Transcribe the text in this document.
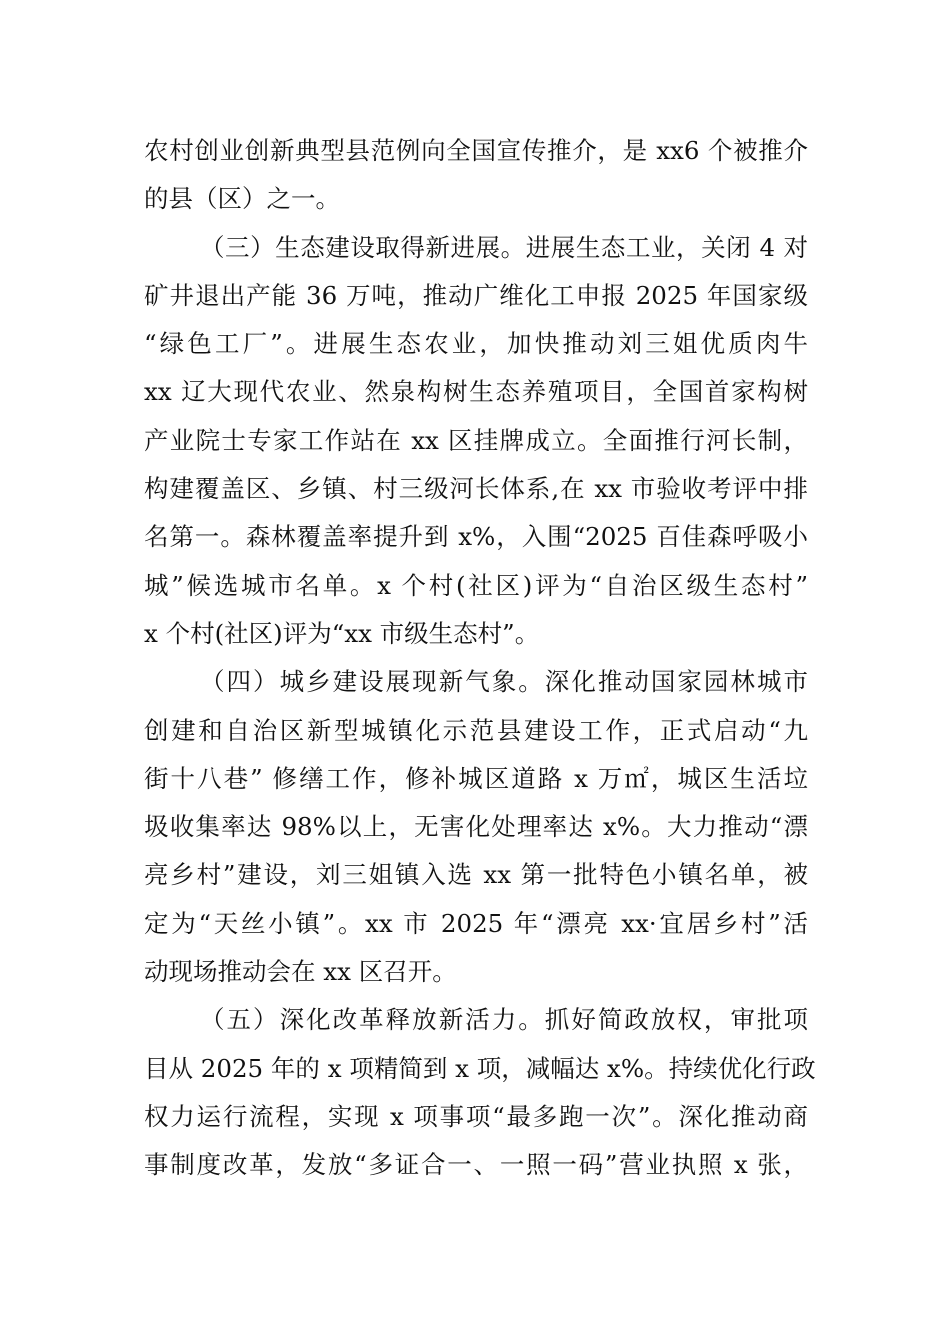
农村创业创新典型县范例向全国宣传推介，是 xx6 个被推介
的县（区）之一。
（三）生态建设取得新进展。进展生态工业，关闭 4 对
矿井退出产能 36 万吨，推动广维化工申报 2025 年国家级
“绿色工厂”。进展生态农业，加快推动刘三姐优质肉牛
xx 辽大现代农业、然泉构树生态养殖项目，全国首家构树
产业院士专家工作站在 xx 区挂牌成立。全面推行河长制，
构建覆盖区、乡镇、村三级河长体系,在 xx 市验收考评中排
名第一。森林覆盖率提升到 x%，入围“2025 百佳森呼吸小
城”候选城市名单。x 个村(社区)评为“自治区级生态村”
x 个村(社区)评为“xx 市级生态村”。
（四）城乡建设展现新气象。深化推动国家园林城市
创建和自治区新型城镇化示范县建设工作，正式启动“九
街十八巷” 修缮工作，修补城区道路 x 万㎡，城区生活垃
圾收集率达 98%以上，无害化处理率达 x%。大力推动“漂
亮乡村”建设，刘三姐镇入选 xx 第一批特色小镇名单，被
定为“天丝小镇”。xx 市 2025 年“漂亮 xx·宜居乡村”活
动现场推动会在 xx 区召开。
（五）深化改革释放新活力。抓好简政放权，审批项
目从 2025 年的 x 项精简到 x 项，减幅达 x%。持续优化行政
权力运行流程，实现 x 项事项“最多跑一次”。深化推动商
事制度改革，发放“多证合一、一照一码”营业执照 x 张，
